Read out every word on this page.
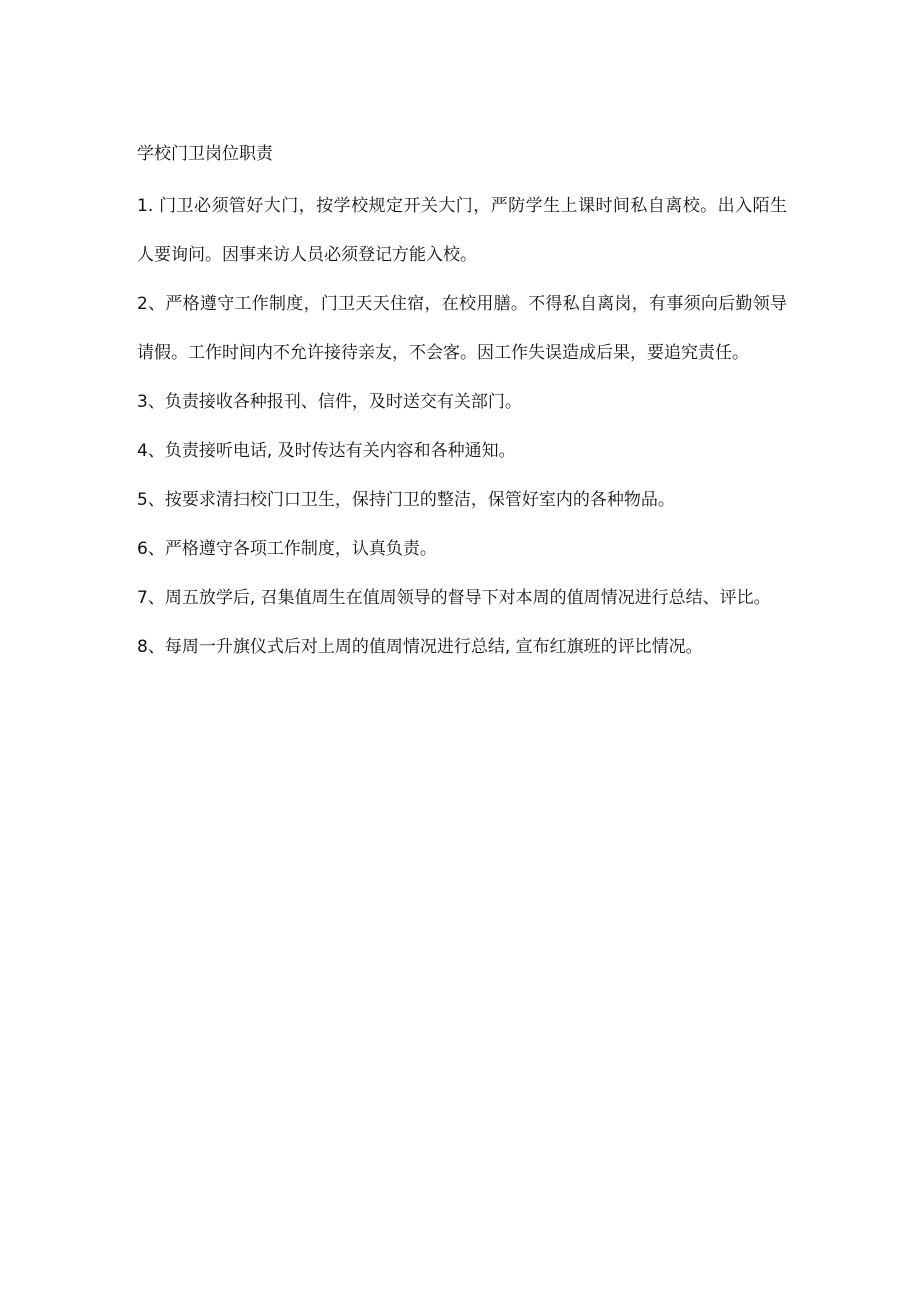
学校门卫岗位职责

1. 门卫必须管好大门，按学校规定开关大门，严防学生上课时间私自离校。出入陌生人要询问。因事来访人员必须登记方能入校。

2、严格遵守工作制度，门卫天天住宿，在校用膳。不得私自离岗，有事须向后勤领导请假。工作时间内不允许接待亲友，不会客。因工作失误造成后果，要追究责任。

3、负责接收各种报刊、信件，及时送交有关部门。

4、负责接听电话, 及时传达有关内容和各种通知。

5、按要求清扫校门口卫生，保持门卫的整洁，保管好室内的各种物品。

6、严格遵守各项工作制度，认真负责。

7、周五放学后, 召集值周生在值周领导的督导下对本周的值周情况进行总结、评比。

8、每周一升旗仪式后对上周的值周情况进行总结, 宣布红旗班的评比情况。
